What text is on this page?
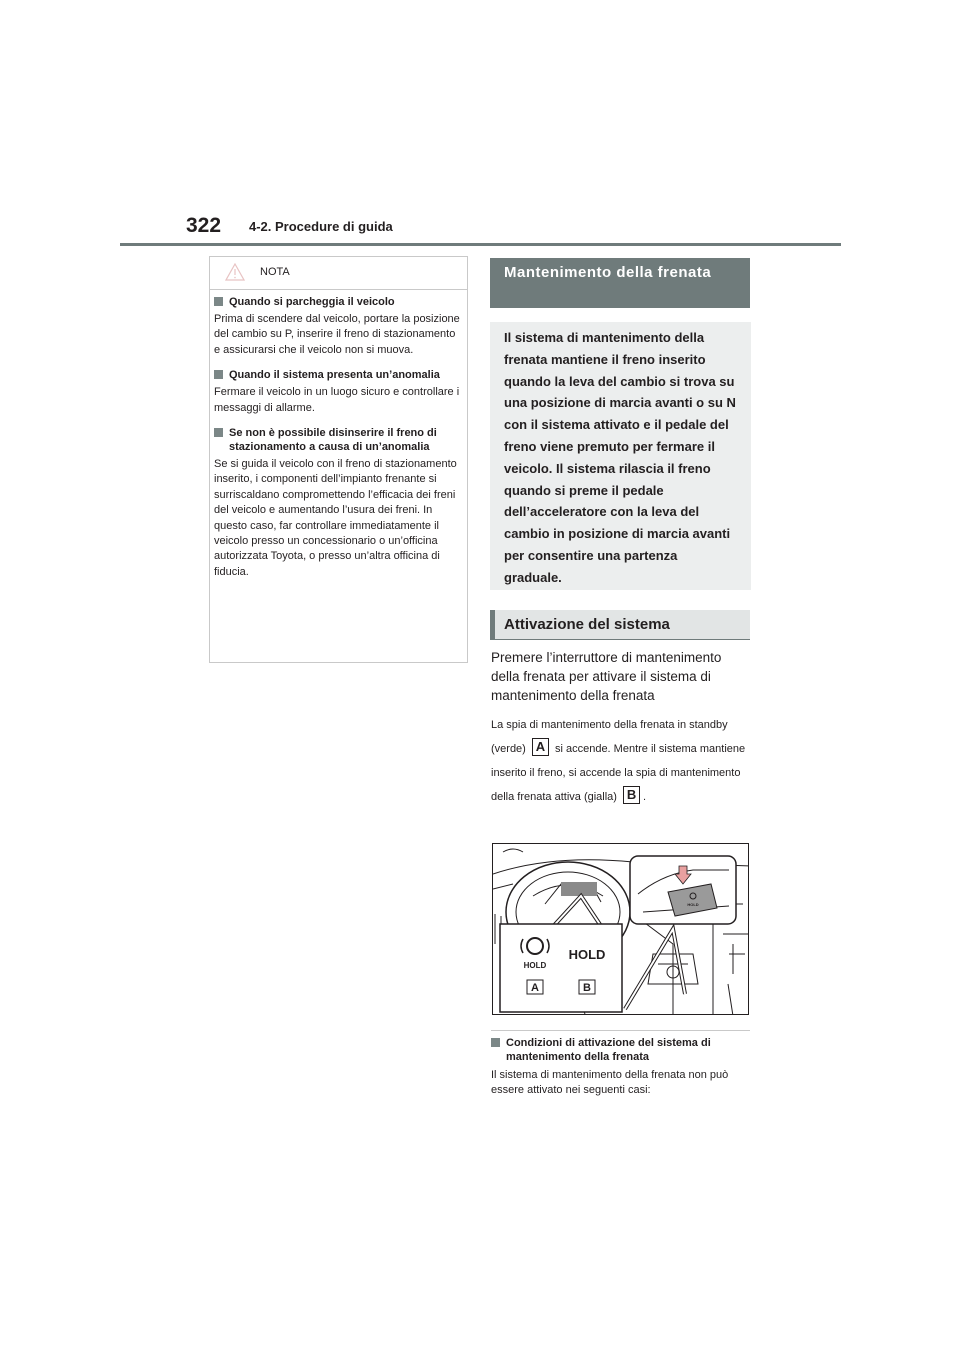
322 4-2. Procedure di guida
NOTA
Quando si parcheggia il veicolo

Prima di scendere dal veicolo, portare la posizione del cambio su P, inserire il freno di stazionamento e assicurarsi che il veicolo non si muova.

Quando il sistema presenta un’anomalia

Fermare il veicolo in un luogo sicuro e controllare i messaggi di allarme.

Se non è possibile disinserire il freno di stazionamento a causa di un’anomalia

Se si guida il veicolo con il freno di stazionamento inserito, i componenti dell’impianto frenante si surriscaldano compromettendo l’efficacia dei freni del veicolo e aumentando l’usura dei freni. In questo caso, far controllare immediatamente il veicolo presso un concessionario o un’officina autorizzata Toyota, o presso un’altra officina di fiducia.

Mantenimento della frenata
Il sistema di mantenimento della frenata mantiene il freno inserito quando la leva del cambio si trova su una posizione di marcia avanti o su N con il sistema attivato e il pedale del freno viene premuto per fermare il veicolo. Il sistema rilascia il freno quando si preme il pedale dell’acceleratore con la leva del cambio in posizione di marcia avanti per consentire una partenza graduale.
Attivazione del sistema
Premere l’interruttore di mantenimento della frenata per attivare il sistema di mantenimento della frenata
La spia di mantenimento della frenata in standby (verde) A si accende. Mentre il sistema mantiene inserito il freno, si accende la spia di mantenimento della frenata attiva (gialla) B .
HOLD
HOLD
A	B
HOLD
Condizioni di attivazione del sistema di mantenimento della frenata
Il sistema di mantenimento della frenata non può essere attivato nei seguenti casi:
